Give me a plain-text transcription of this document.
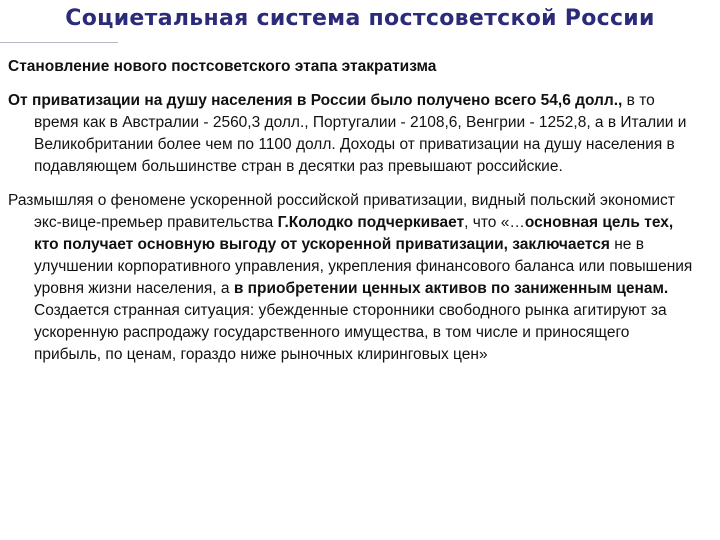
Социетальная система постсоветской России

Становление нового постсоветского этапа этакратизма

От приватизации на душу населения в России было получено всего 54,6 долл., в то время как в Австралии - 2560,3 долл., Португалии - 2108,6, Венгрии - 1252,8, а в Италии и Великобритании более чем по 1100 долл. Доходы от приватизации на душу населения в подавляющем большинстве стран в десятки раз превышают российские.

Размышляя о феномене ускоренной российской приватизации, видный польский экономист экс-вице-премьер правительства Г.Колодко подчеркивает, что «…основная цель тех, кто получает основную выгоду от ускоренной приватизации, заключается не в улучшении корпоративного управления, укрепления финансового баланса или повышения уровня жизни населения, а в приобретении ценных активов по заниженным ценам. Создается странная ситуация: убежденные сторонники свободного рынка агитируют за ускоренную распродажу государственного имущества, в том числе и приносящего прибыль, по ценам, гораздо ниже рыночных клиринговых цен»
